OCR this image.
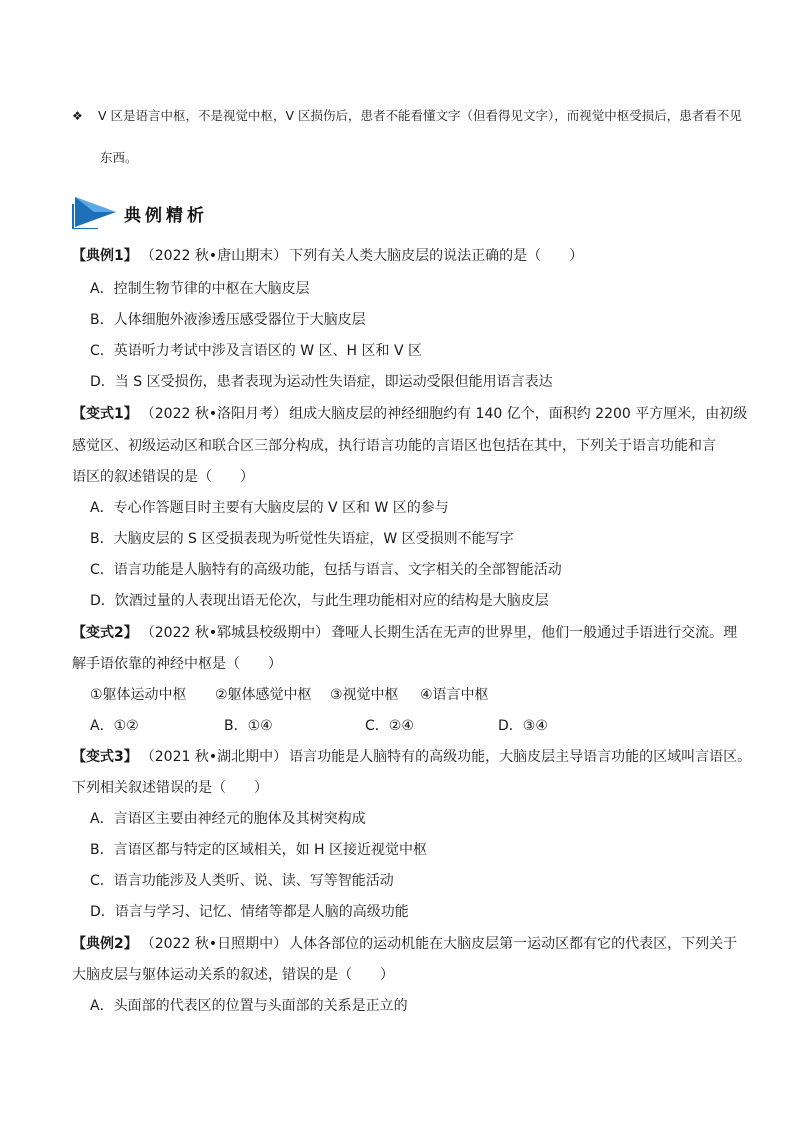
❖ V 区是语言中枢，不是视觉中枢，V 区损伤后，患者不能看懂文字（但看得见文字），而视觉中枢受损后，患者看不见
东西。
典例精析
【典例1】 （2022 秋•唐山期末） 下列有关人类大脑皮层的说法正确的是（　　）
A．控制生物节律的中枢在大脑皮层
B．人体细胞外液渗透压感受器位于大脑皮层
C．英语听力考试中涉及言语区的 W 区、H 区和 V 区
D．当 S 区受损伤，患者表现为运动性失语症，即运动受限但能用语言表达
【变式1】 （2022 秋•洛阳月考） 组成大脑皮层的神经细胞约有 140 亿个，面积约 2200 平方厘米，由初级
感觉区、初级运动区和联合区三部分构成，执行语言功能的言语区也包括在其中，下列关于语言功能和言
语区的叙述错误的是（　　）
A．专心作答题目时主要有大脑皮层的 V 区和 W 区的参与
B．大脑皮层的 S 区受损表现为听觉性失语症，W 区受损则不能写字
C．语言功能是人脑特有的高级功能，包括与语言、文字相关的全部智能活动
D．饮酒过量的人表现出语无伦次，与此生理功能相对应的结构是大脑皮层
【变式2】 （2022 秋•郓城县校级期中） 聋哑人长期生活在无声的世界里，他们一般通过手语进行交流。理
解手语依靠的神经中枢是（　　）
①躯体运动中枢 ②躯体感觉中枢 ③视觉中枢 ④语言中枢
A．①②	B．①④	C．②④	D．③④
【变式3】 （2021 秋•湖北期中） 语言功能是人脑特有的高级功能，大脑皮层主导语言功能的区域叫言语区。
下列相关叙述错误的是（　　）
A．言语区主要由神经元的胞体及其树突构成
B．言语区都与特定的区域相关，如 H 区接近视觉中枢
C．语言功能涉及人类听、说、读、写等智能活动
D．语言与学习、记忆、情绪等都是人脑的高级功能
【典例2】 （2022 秋•日照期中） 人体各部位的运动机能在大脑皮层第一运动区都有它的代表区，下列关于
大脑皮层与躯体运动关系的叙述，错误的是（　　）
A．头面部的代表区的位置与头面部的关系是正立的
